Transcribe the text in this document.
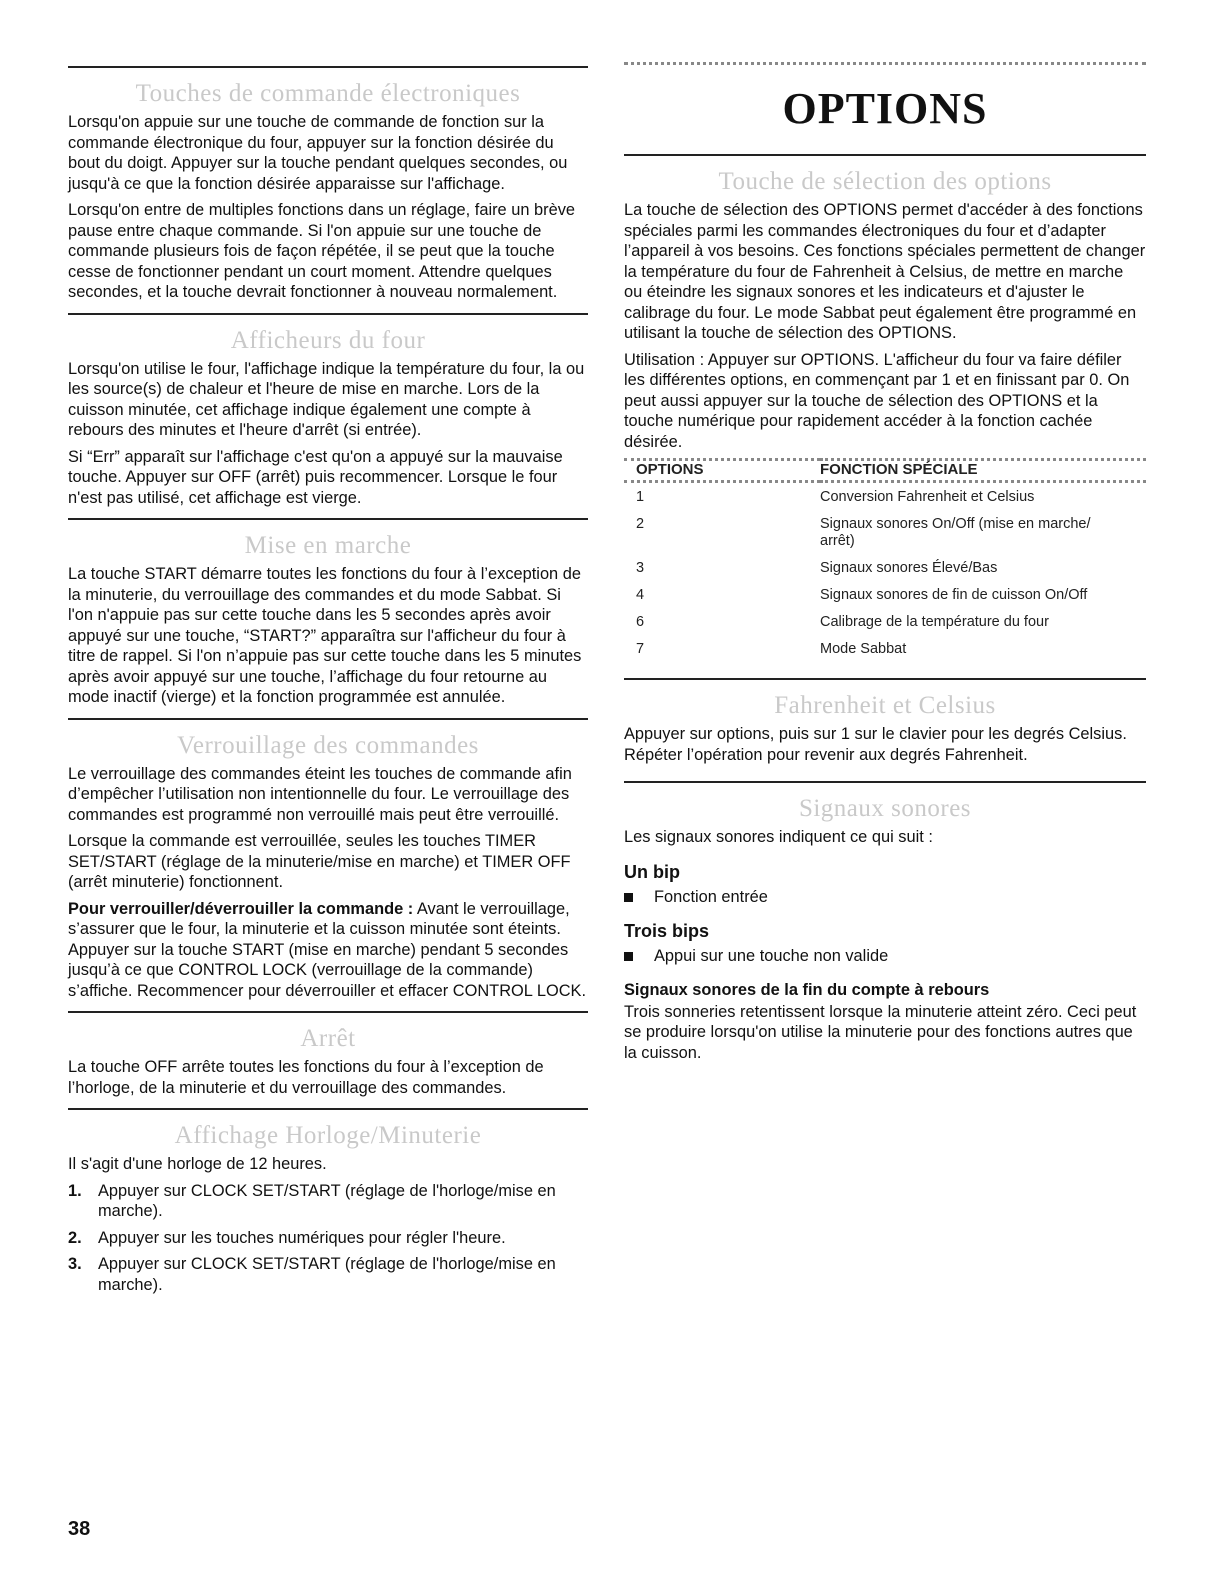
Touches de commande électroniques

Lorsqu'on appuie sur une touche de commande de fonction sur la commande électronique du four, appuyer sur la fonction désirée du bout du doigt. Appuyer sur la touche pendant quelques secondes, ou jusqu'à ce que la fonction désirée apparaisse sur l'affichage.

Lorsqu'on entre de multiples fonctions dans un réglage, faire un brève pause entre chaque commande. Si l'on appuie sur une touche de commande plusieurs fois de façon répétée, il se peut que la touche cesse de fonctionner pendant un court moment. Attendre quelques secondes, et la touche devrait fonctionner à nouveau normalement.

Afficheurs du four

Lorsqu'on utilise le four, l'affichage indique la température du four, la ou les source(s) de chaleur et l'heure de mise en marche. Lors de la cuisson minutée, cet affichage indique également une compte à rebours des minutes et l'heure d'arrêt (si entrée).

Si “Err” apparaît sur l'affichage c'est qu'on a appuyé sur la mauvaise touche. Appuyer sur OFF (arrêt) puis recommencer. Lorsque le four n'est pas utilisé, cet affichage est vierge.

Mise en marche

La touche START démarre toutes les fonctions du four à l’exception de la minuterie, du verrouillage des commandes et du mode Sabbat. Si l'on n'appuie pas sur cette touche dans les 5 secondes après avoir appuyé sur une touche, “START?” apparaîtra sur l'afficheur du four à titre de rappel. Si l'on n’appuie pas sur cette touche dans les 5 minutes après avoir appuyé sur une touche, l’affichage du four retourne au mode inactif (vierge) et la fonction programmée est annulée.

Verrouillage des commandes

Le verrouillage des commandes éteint les touches de commande afin d’empêcher l’utilisation non intentionnelle du four. Le verrouillage des commandes est programmé non verrouillé mais peut être verrouillé.

Lorsque la commande est verrouillée, seules les touches TIMER SET/START (réglage de la minuterie/mise en marche) et TIMER OFF (arrêt minuterie) fonctionnent.

Pour verrouiller/déverrouiller la commande : Avant le verrouillage, s’assurer que le four, la minuterie et la cuisson minutée sont éteints. Appuyer sur la touche START (mise en marche) pendant 5 secondes jusqu’à ce que CONTROL LOCK (verrouillage de la commande) s’affiche. Recommencer pour déverrouiller et effacer CONTROL LOCK.

Arrêt

La touche OFF arrête toutes les fonctions du four à l’exception de l’horloge, de la minuterie et du verrouillage des commandes.

Affichage Horloge/Minuterie

Il s'agit d'une horloge de 12 heures.

1. Appuyer sur CLOCK SET/START (réglage de l'horloge/mise en marche).
2. Appuyer sur les touches numériques pour régler l'heure.
3. Appuyer sur CLOCK SET/START (réglage de l'horloge/mise en marche).
OPTIONS
Touche de sélection des options

La touche de sélection des OPTIONS permet d'accéder à des fonctions spéciales parmi les commandes électroniques du four et d’adapter l’appareil à vos besoins. Ces fonctions spéciales permettent de changer la température du four de Fahrenheit à Celsius, de mettre en marche ou éteindre les signaux sonores et les indicateurs et d'ajuster le calibrage du four. Le mode Sabbat peut également être programmé en utilisant la touche de sélection des OPTIONS.

Utilisation : Appuyer sur OPTIONS. L'afficheur du four va faire défiler les différentes options, en commençant par 1 et en finissant par 0. On peut aussi appuyer sur la touche de sélection des OPTIONS et la touche numérique pour rapidement accéder à la fonction cachée désirée.

OPTIONS	FONCTION SPÉCIALE
1	Conversion Fahrenheit et Celsius
2	Signaux sonores On/Off (mise en marche/ arrêt)
3	Signaux sonores Élevé/Bas
4	Signaux sonores de fin de cuisson On/Off
6	Calibrage de la température du four
7	Mode Sabbat
Fahrenheit et Celsius

Appuyer sur options, puis sur 1 sur le clavier pour les degrés Celsius. Répéter l’opération pour revenir aux degrés Fahrenheit.

Signaux sonores

Les signaux sonores indiquent ce qui suit :

Un bip
Fonction entrée
Trois bips
Appui sur une touche non valide
Signaux sonores de la fin du compte à rebours

Trois sonneries retentissent lorsque la minuterie atteint zéro. Ceci peut se produire lorsqu'on utilise la minuterie pour des fonctions autres que la cuisson.

38
